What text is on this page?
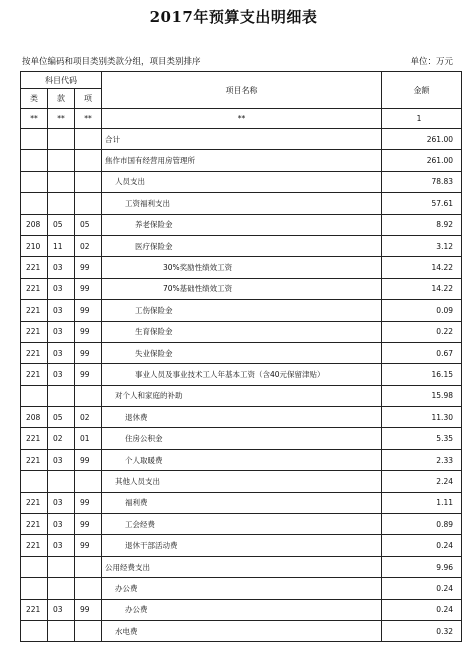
2017年预算支出明细表
按单位编码和项目类别类款分组，项目类别排序	单位：万元
科目代码			项目名称	金额
类	款	项		
**	**	**	**	1
			合计	261.00
			焦作市国有经营用房管理所	261.00
			人员支出	78.83
			工资福利支出	57.61
208	05	05	养老保险金	8.92
210	11	02	医疗保险金	3.12
221	03	99	30%奖励性绩效工资	14.22
221	03	99	70%基础性绩效工资	14.22
221	03	99	工伤保险金	0.09
221	03	99	生育保险金	0.22
221	03	99	失业保险金	0.67
221	03	99	事业人员及事业技术工人年基本工资（含40元保留津贴）	16.15
			对个人和家庭的补助	15.98
208	05	02	退休费	11.30
221	02	01	住房公积金	5.35
221	03	99	个人取暖费	2.33
			其他人员支出	2.24
221	03	99	福利费	1.11
221	03	99	工会经费	0.89
221	03	99	退休干部活动费	0.24
			公用经费支出	9.96
			办公费	0.24
221	03	99	办公费	0.24
			水电费	0.32
